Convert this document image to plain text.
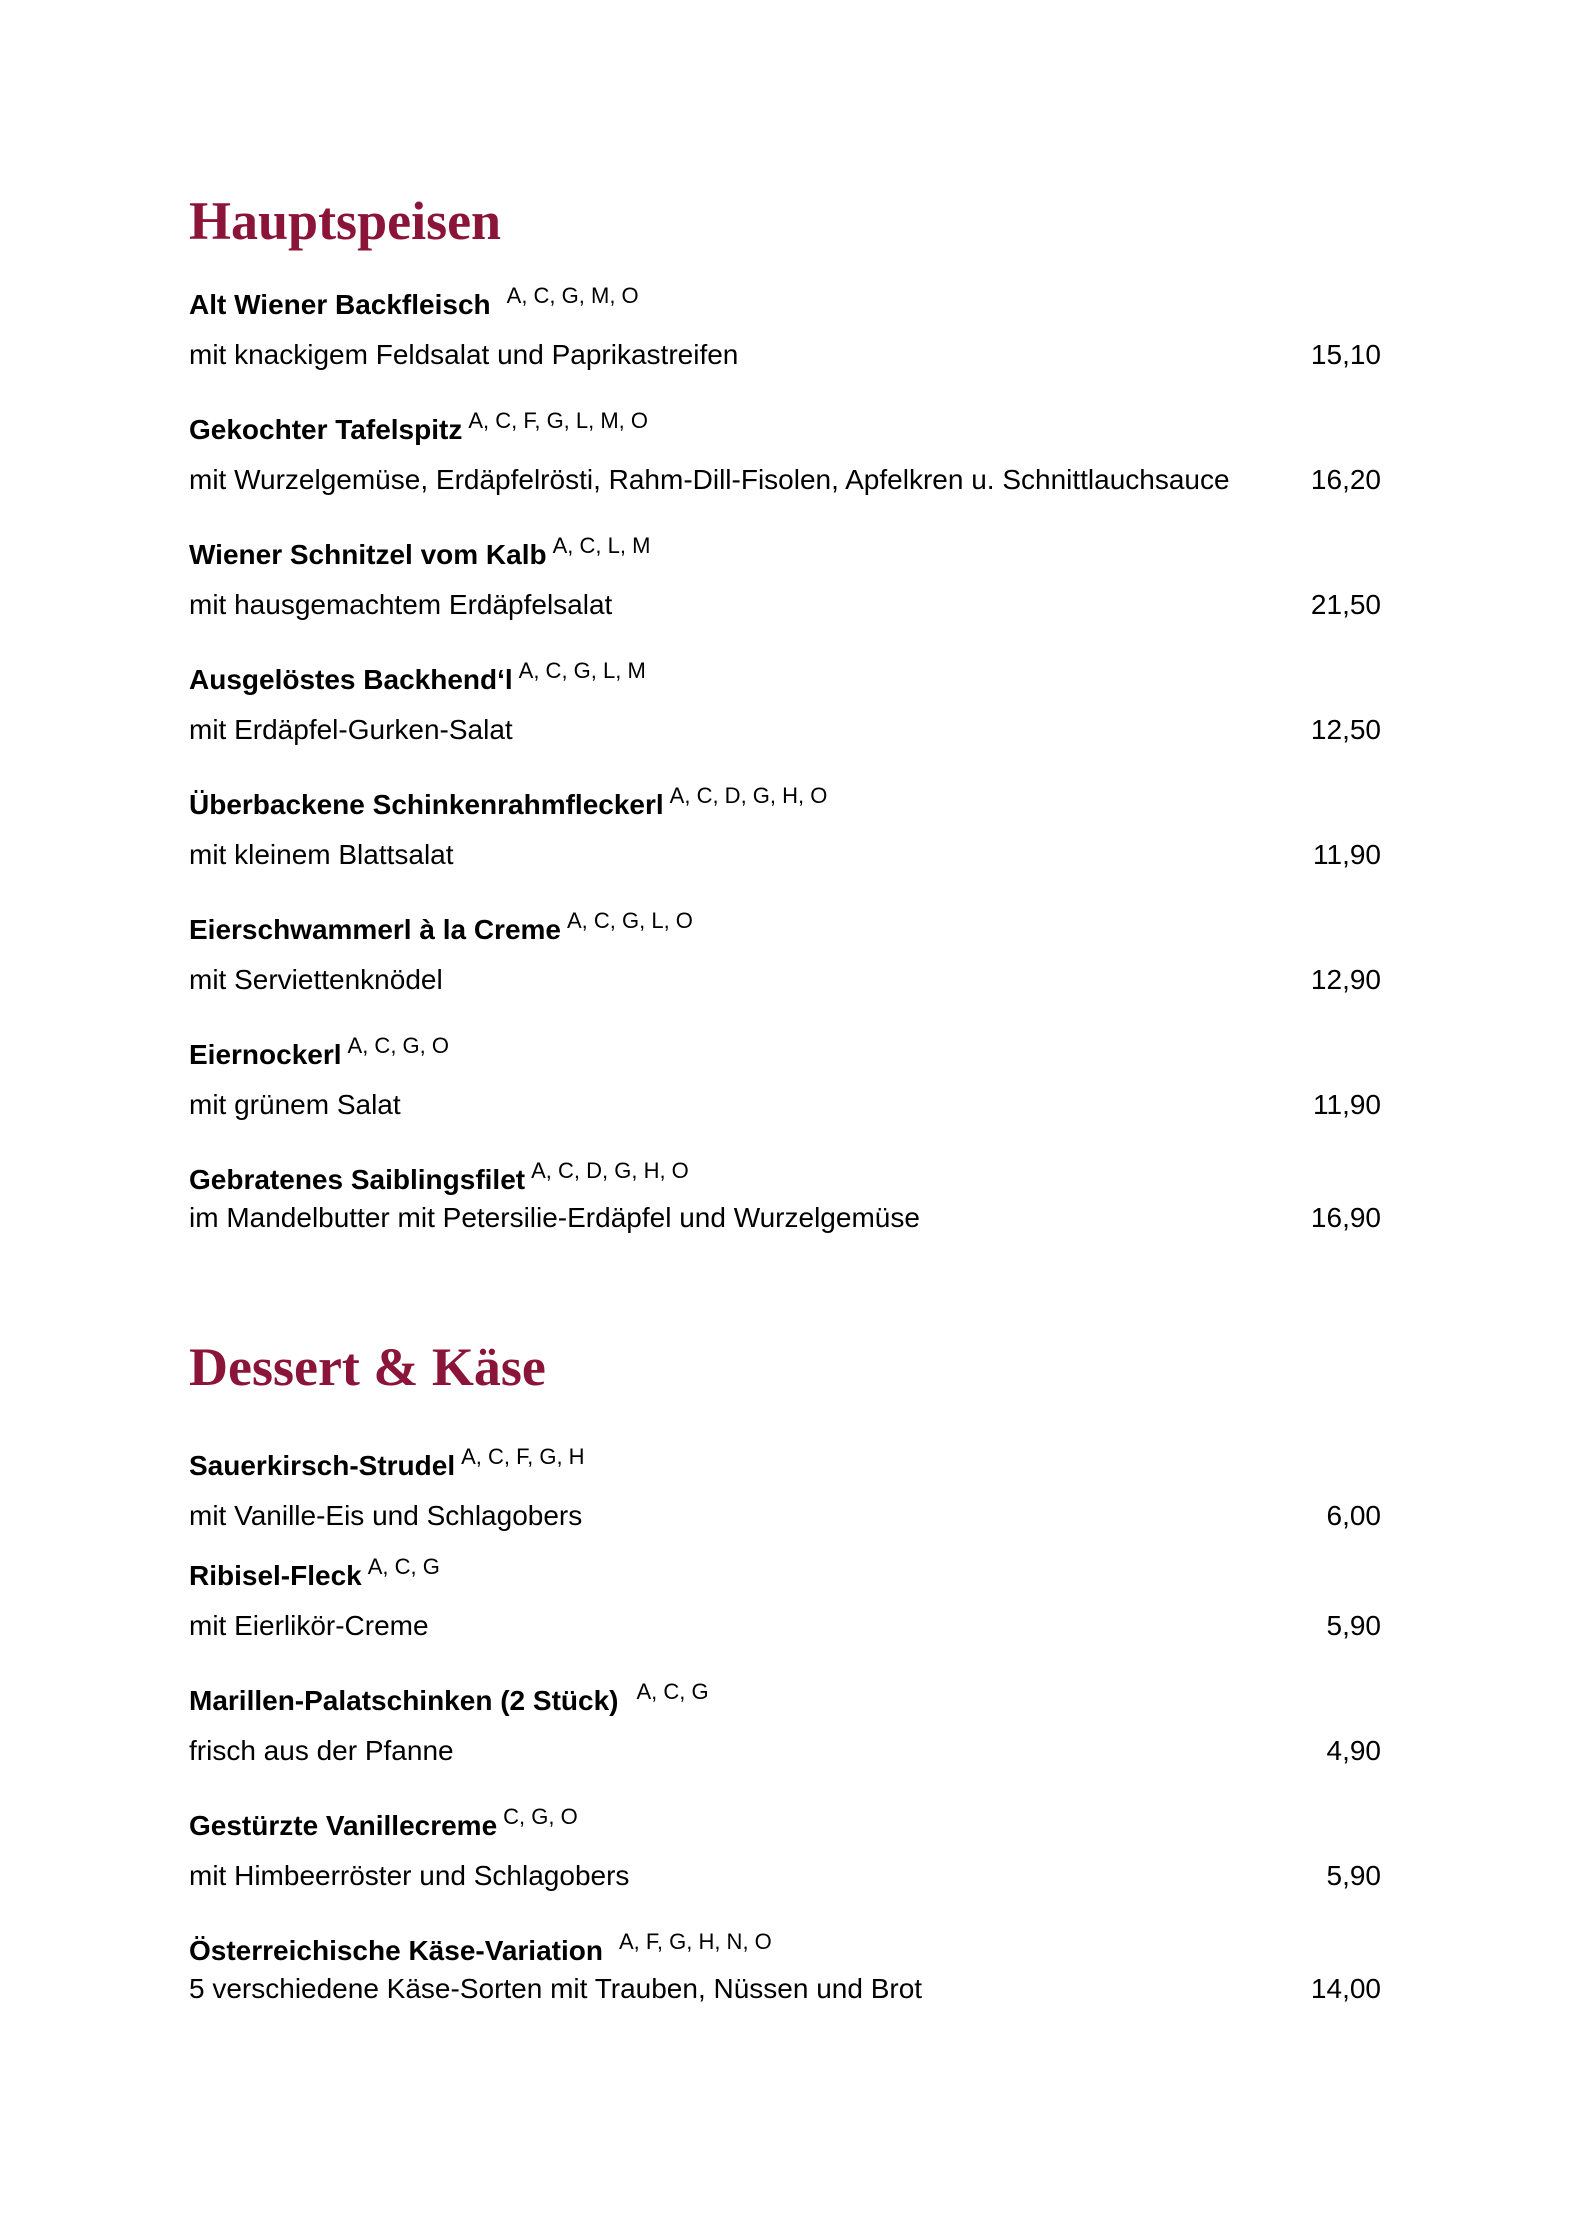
Hauptspeisen
Alt Wiener Backfleisch $^{A, C, G, M, O}$
mit knackigem Feldsalat und Paprikastreifen	15,10
Gekochter Tafelspitz $^{A, C, F, G, L, M, O}$
mit Wurzelgemüse, Erdäpfelrösti, Rahm-Dill-Fisolen, Apfelkren u. Schnittlauchsauce	16,20
Wiener Schnitzel vom Kalb $^{A, C, L, M}$
mit hausgemachtem Erdäpfelsalat	21,50
Ausgelöstes Backhend‘l $^{A, C, G, L, M}$
mit Erdäpfel-Gurken-Salat	12,50
Überbackene Schinkenrahmfleckerl $^{A, C, D, G, H, O}$
mit kleinem Blattsalat	11,90
Eierschwammerl à la Creme $^{A, C, G, L, O}$
mit Serviettenknödel	12,90
Eiernockerl $^{A, C, G, O}$
mit grünem Salat	11,90
Gebratenes Saiblingsfilet $^{A, C, D, G, H, O}$
im Mandelbutter mit Petersilie-Erdäpfel und Wurzelgemüse	16,90
Dessert & Käse
Sauerkirsch-Strudel $^{A, C, F, G, H}$
mit Vanille-Eis und Schlagobers	6,00
Ribisel-Fleck $^{A, C, G}$
mit Eierlikör-Creme	5,90
Marillen-Palatschinken (2 Stück) $^{A, C, G}$
frisch aus der Pfanne	4,90
Gestürzte Vanillecreme $^{C, G, O}$
mit Himbeerröster und Schlagobers	5,90
Österreichische Käse-Variation $^{A, F, G, H, N, O}$
5 verschiedene Käse-Sorten mit Trauben, Nüssen und Brot	14,00
